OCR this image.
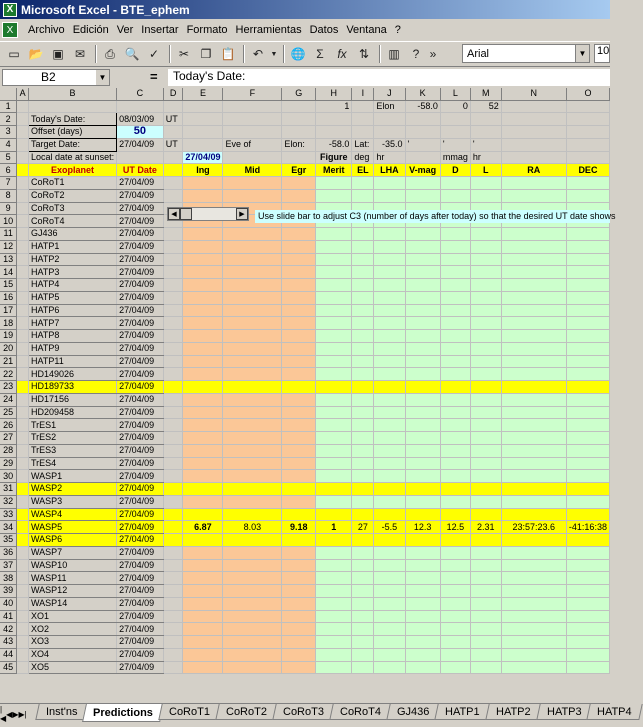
X Microsoft Excel - BTE_ephem
X	Archivo Edición Ver Insertar Formato Herramientas Datos Ventana ?
▭ 📂 ▣ ✉	⎙ 🔍 ✓	✂ ❐ 📋	↶	▼ 🌐 Σ	fx	⇅	▥	? »	Arial	▼ 10
B2	▼	=	Today's Date:
	A	B	C	D	E	F	G	H	I	J	K	L	M	N	O
1								1		Elon	-58.0	0	52		
2		Today's Date:	08/03/09	UT											
3		Offset (days)	50												
4		Target Date:	27/04/09	UT		Eve of	Elon:	-58.0	Lat:	-35.0	'	'	'		
5		Local date at sunset:			27/04/09			Figure	deg	hr		mmag	hr		
6		Exoplanet	UT Date		Ing	Mid	Egr	Merit	EL	LHA	V-mag	D	L	RA	DEC
7		CoRoT1	27/04/09												
8		CoRoT2	27/04/09												
9		CoRoT3	27/04/09												
10		CoRoT4	27/04/09												
11		GJ436	27/04/09												
12		HATP1	27/04/09												
13		HATP2	27/04/09												
14		HATP3	27/04/09												
15		HATP4	27/04/09												
16		HATP5	27/04/09												
17		HATP6	27/04/09												
18		HATP7	27/04/09												
19		HATP8	27/04/09												
20		HATP9	27/04/09												
21		HATP11	27/04/09												
22		HD149026	27/04/09												
23		HD189733	27/04/09												
24		HD17156	27/04/09												
25		HD209458	27/04/09												
26		TrES1	27/04/09												
27		TrES2	27/04/09												
28		TrES3	27/04/09												
29		TrES4	27/04/09												
30		WASP1	27/04/09												
31		WASP2	27/04/09												
32		WASP3	27/04/09												
33		WASP4	27/04/09												
34		WASP5	27/04/09		6.87	8.03	9.18	1	27	-5.5	12.3	12.5	2.31	23:57:23.6	-41:16:38
35		WASP6	27/04/09												
36		WASP7	27/04/09												
37		WASP10	27/04/09												
38		WASP11	27/04/09												
39		WASP12	27/04/09												
40		WASP14	27/04/09												
41		XO1	27/04/09												
42		XO2	27/04/09												
43		XO3	27/04/09												
44		XO4	27/04/09												
45		XO5	27/04/09												
◀	▶	Use slide bar to adjust C3 (number of days after today) so that the desired UT date shows
|◀ ◀ ▶ ▶| Inst'ns Predictions CoRoT1 CoRoT2 CoRoT3 CoRoT4 GJ436 HATP1 HATP2 HATP3 HATP4
